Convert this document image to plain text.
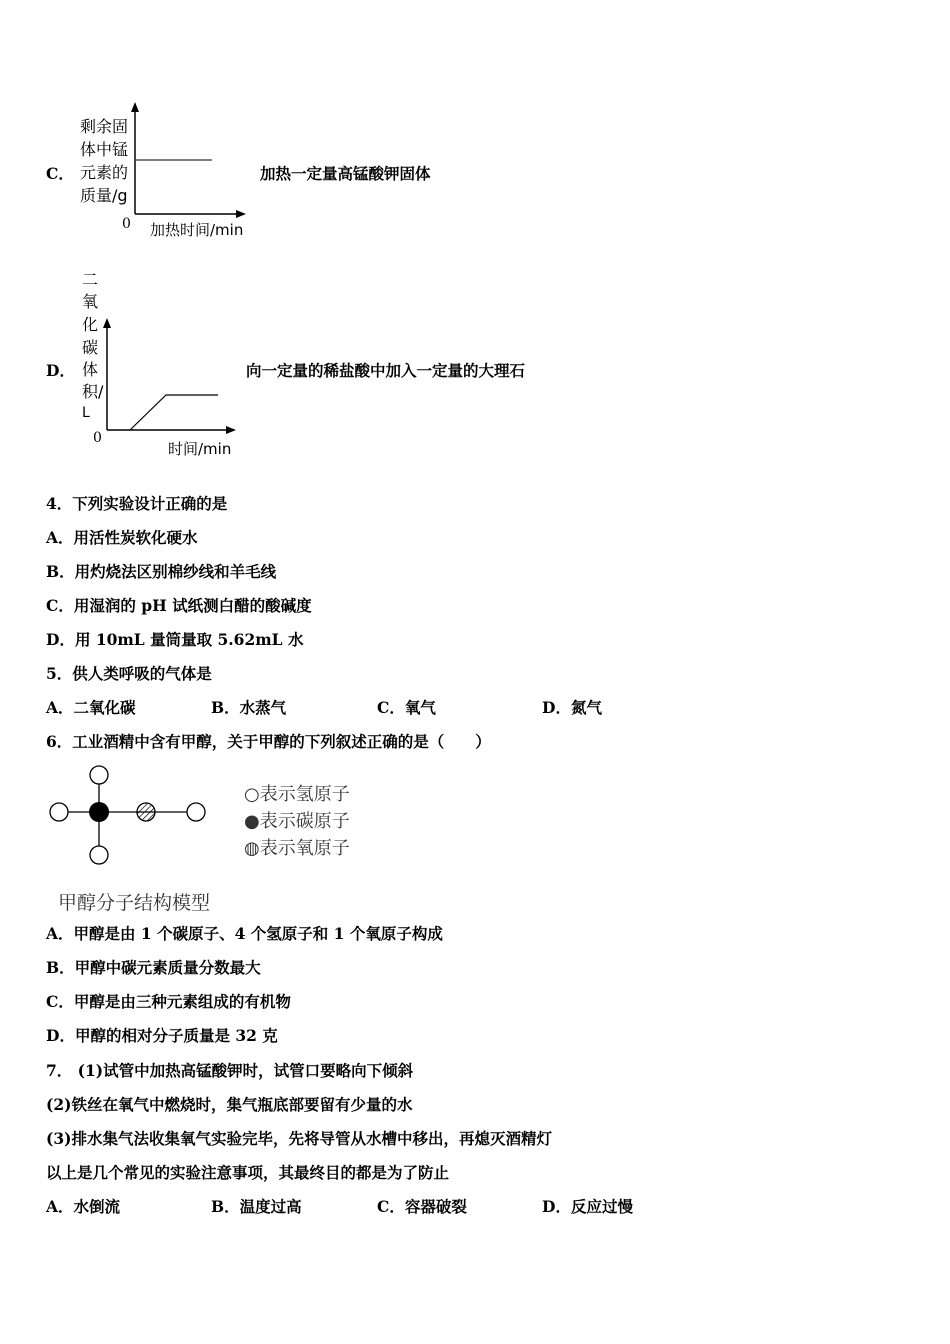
C．
剩余固
体中锰
元素的
质量/g
0 加热时间/min
加热一定量高锰酸钾固体
D．
二
氧
化
碳
体
积/
L
0
时间/min
向一定量的稀盐酸中加入一定量的大理石
4．下列实验设计正确的是
A．用活性炭软化硬水
B．用灼烧法区别棉纱线和羊毛线
C．用湿润的 pH 试纸测白醋的酸碱度
D．用 10mL 量筒量取 5.62mL 水
5．供人类呼吸的气体是
A．二氧化碳	B．水蒸气	C．氧气	D．氮气
6．工业酒精中含有甲醇，关于甲醇的下列叙述正确的是（　　）
○表示氢原子
●表示碳原子
◍表示氧原子
甲醇分子结构模型
A．甲醇是由 1 个碳原子、4 个氢原子和 1 个氧原子构成
B．甲醇中碳元素质量分数最大
C．甲醇是由三种元素组成的有机物
D．甲醇的相对分子质量是 32 克
7． (1)试管中加热高锰酸钾时，试管口要略向下倾斜
(2)铁丝在氧气中燃烧时，集气瓶底部要留有少量的水
(3)排水集气法收集氧气实验完毕，先将导管从水槽中移出，再熄灭酒精灯
以上是几个常见的实验注意事项，其最终目的都是为了防止
A．水倒流	B．温度过高	C．容器破裂	D．反应过慢
